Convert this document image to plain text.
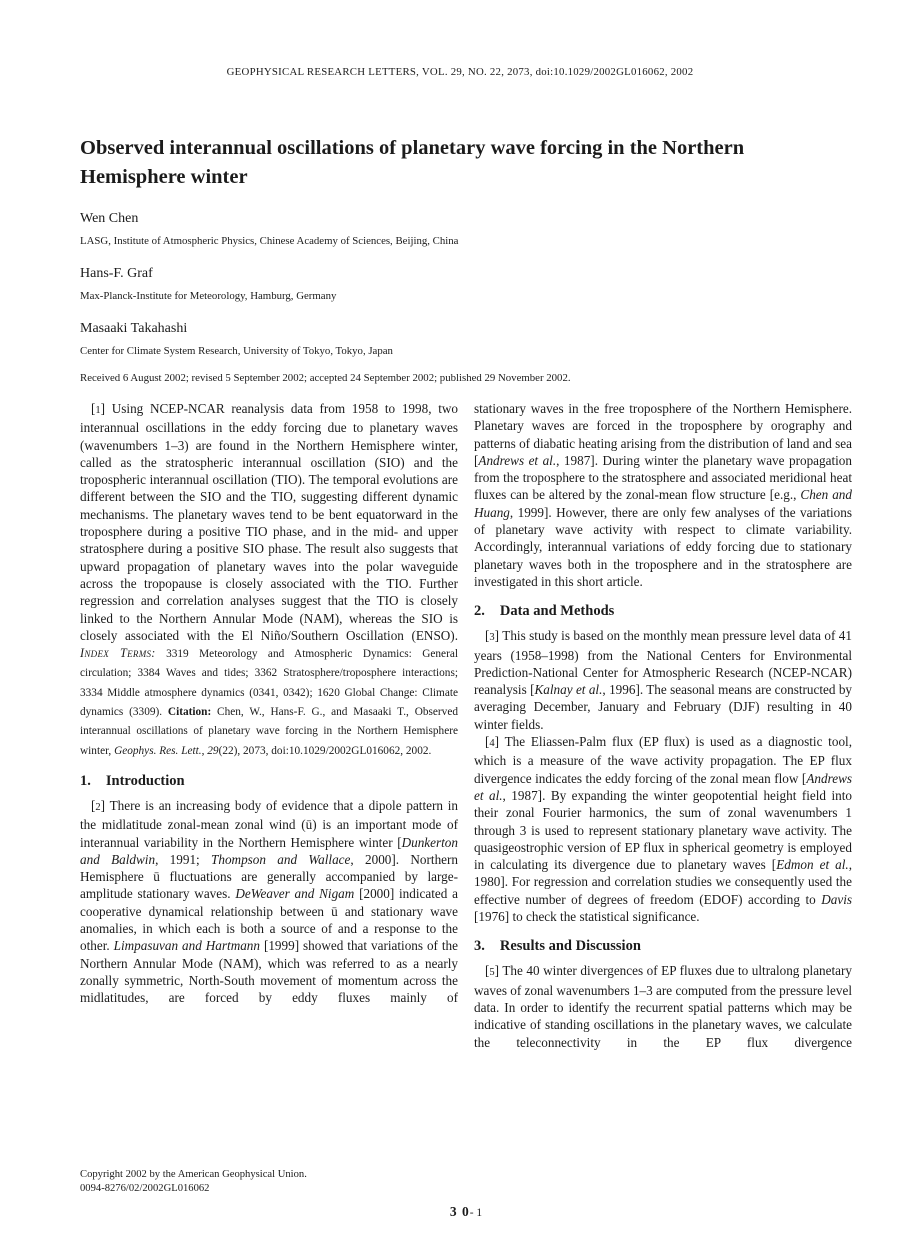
GEOPHYSICAL RESEARCH LETTERS, VOL. 29, NO. 22, 2073, doi:10.1029/2002GL016062, 2002
Observed interannual oscillations of planetary wave forcing in the Northern Hemisphere winter
Wen Chen
LASG, Institute of Atmospheric Physics, Chinese Academy of Sciences, Beijing, China
Hans-F. Graf
Max-Planck-Institute for Meteorology, Hamburg, Germany
Masaaki Takahashi
Center for Climate System Research, University of Tokyo, Tokyo, Japan
Received 6 August 2002; revised 5 September 2002; accepted 24 September 2002; published 29 November 2002.

[1] Using NCEP-NCAR reanalysis data from 1958 to 1998, two interannual oscillations in the eddy forcing due to planetary waves (wavenumbers 1–3) are found in the Northern Hemisphere winter, called as the stratospheric interannual oscillation (SIO) and the tropospheric interannual oscillation (TIO). The temporal evolutions are different between the SIO and the TIO, suggesting different dynamic mechanisms. The planetary waves tend to be bent equatorward in the troposphere during a positive TIO phase, and in the mid- and upper stratosphere during a positive SIO phase. The result also suggests that upward propagation of planetary waves into the polar waveguide across the tropopause is closely associated with the TIO. Further regression and correlation analyses suggest that the TIO is closely linked to the Northern Annular Mode (NAM), whereas the SIO is closely associated with the El Niño/Southern Oscillation (ENSO). Index Terms: 3319 Meteorology and Atmospheric Dynamics: General circulation; 3384 Waves and tides; 3362 Stratosphere/troposphere interactions; 3334 Middle atmosphere dynamics (0341, 0342); 1620 Global Change: Climate dynamics (3309). Citation: Chen, W., Hans-F. G., and Masaaki T., Observed interannual oscillations of planetary wave forcing in the Northern Hemisphere winter, Geophys. Res. Lett., 29(22), 2073, doi:10.1029/2002GL016062, 2002.

1. Introduction

[2] There is an increasing body of evidence that a dipole pattern in the midlatitude zonal-mean zonal wind (ū) is an important mode of interannual variability in the Northern Hemisphere winter [Dunkerton and Baldwin, 1991; Thompson and Wallace, 2000]. Northern Hemisphere ū fluctuations are generally accompanied by large-amplitude stationary waves. DeWeaver and Nigam [2000] indicated a cooperative dynamical relationship between ū and stationary wave anomalies, in which each is both a source of and a response to the other. Limpasuvan and Hartmann [1999] showed that variations of the Northern Annular Mode (NAM), which was referred to as a nearly zonally symmetric, North-South movement of momentum across the midlatitudes, are forced by eddy fluxes mainly of

Copyright 2002 by the American Geophysical Union.
0094-8276/02/2002GL016062

stationary waves in the free troposphere of the Northern Hemisphere. Planetary waves are forced in the troposphere by orography and patterns of diabatic heating arising from the distribution of land and sea [Andrews et al., 1987]. During winter the planetary wave propagation from the troposphere to the stratosphere and associated meridional heat fluxes can be altered by the zonal-mean flow structure [e.g., Chen and Huang, 1999]. However, there are only few analyses of the variations of planetary wave activity with respect to climate variability. Accordingly, interannual variations of eddy forcing due to stationary planetary waves both in the troposphere and in the stratosphere are investigated in this short article.

2. Data and Methods

[3] This study is based on the monthly mean pressure level data of 41 years (1958–1998) from the National Centers for Environmental Prediction-National Center for Atmospheric Research (NCEP-NCAR) reanalysis [Kalnay et al., 1996]. The seasonal means are constructed by averaging December, January and February (DJF) resulting in 40 winter fields.

[4] The Eliassen-Palm flux (EP flux) is used as a diagnostic tool, which is a measure of the wave activity propagation. The EP flux divergence indicates the eddy forcing of the zonal mean flow [Andrews et al., 1987]. By expanding the winter geopotential height field into their zonal Fourier harmonics, the sum of zonal wavenumbers 1 through 3 is used to represent stationary planetary wave activity. The quasigeostrophic version of EP flux in spherical geometry is employed in calculating its divergence due to planetary waves [Edmon et al., 1980]. For regression and correlation studies we consequently used the effective number of degrees of freedom (EDOF) according to Davis [1976] to check the statistical significance.

3. Results and Discussion

[5] The 40 winter divergences of EP fluxes due to ultralong planetary waves of zonal wavenumbers 1–3 are computed from the pressure level data. In order to identify the recurrent spatial patterns which may be indicative of standing oscillations in the planetary waves, we calculate the teleconnectivity in the EP flux divergence

3 0- 1
